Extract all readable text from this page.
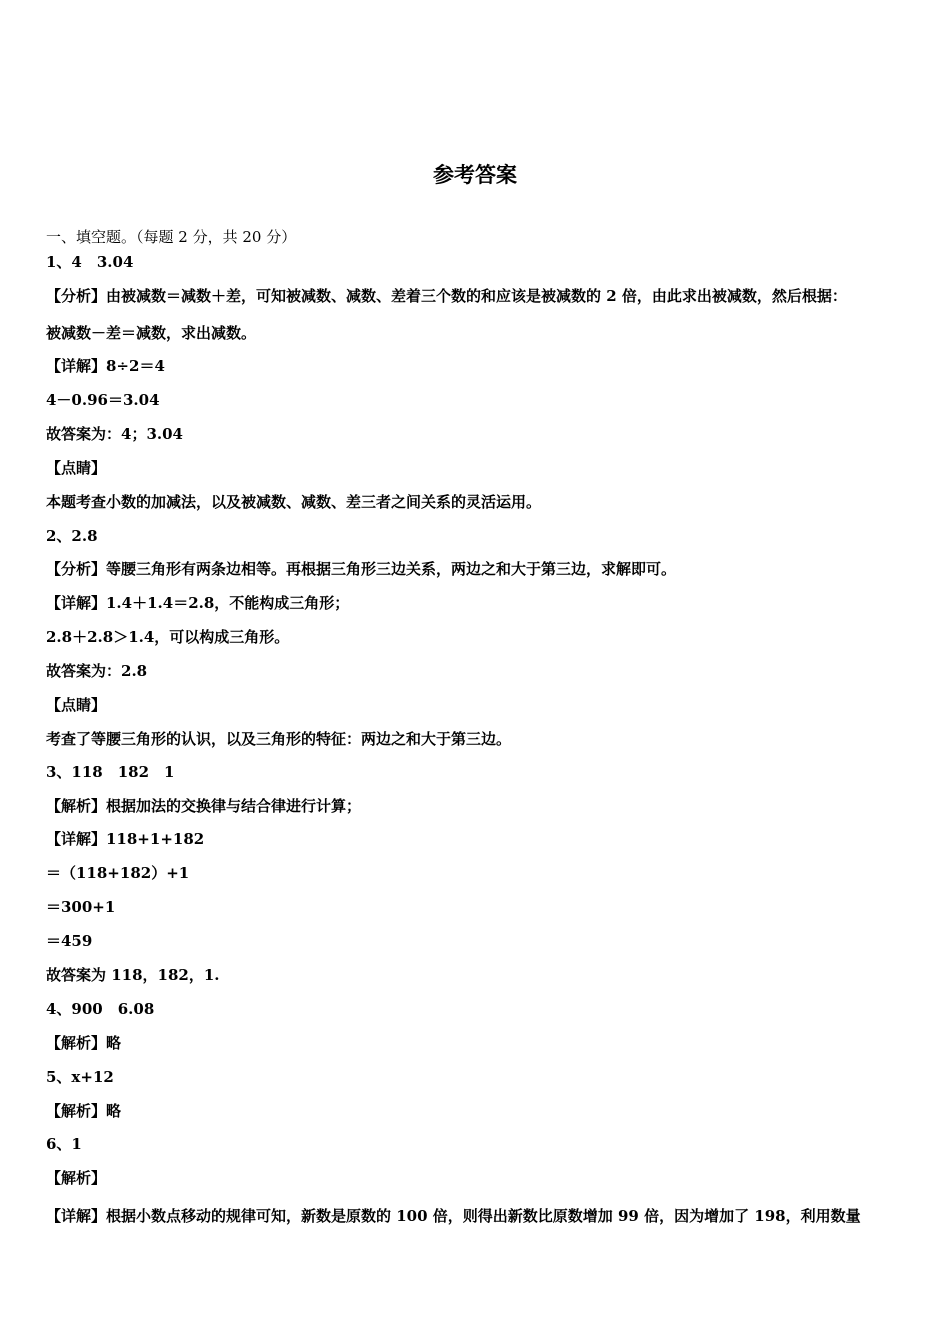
参考答案
一、填空题。（每题 2 分，共 20 分）
1、4　3.04
【分析】由被减数＝减数＋差，可知被减数、减数、差着三个数的和应该是被减数的 2 倍，由此求出被减数，然后根据：
被减数－差＝减数，求出减数。
【详解】8÷2＝4
4－0.96＝3.04
故答案为：4；3.04
【点睛】
本题考查小数的加减法，以及被减数、减数、差三者之间关系的灵活运用。
2、2.8
【分析】等腰三角形有两条边相等。再根据三角形三边关系，两边之和大于第三边，求解即可。
【详解】1.4＋1.4＝2.8，不能构成三角形；
2.8＋2.8＞1.4，可以构成三角形。
故答案为：2.8
【点睛】
考查了等腰三角形的认识，以及三角形的特征：两边之和大于第三边。
3、118　182　1
【解析】根据加法的交换律与结合律进行计算；
【详解】118+1+182
＝（118+182）+1
＝300+1
＝459
故答案为 118，182，1.
4、900　6.08
【解析】略
5、x+12
【解析】略
6、1
【解析】
【详解】根据小数点移动的规律可知，新数是原数的 100 倍，则得出新数比原数增加 99 倍，因为增加了 198，利用数量
